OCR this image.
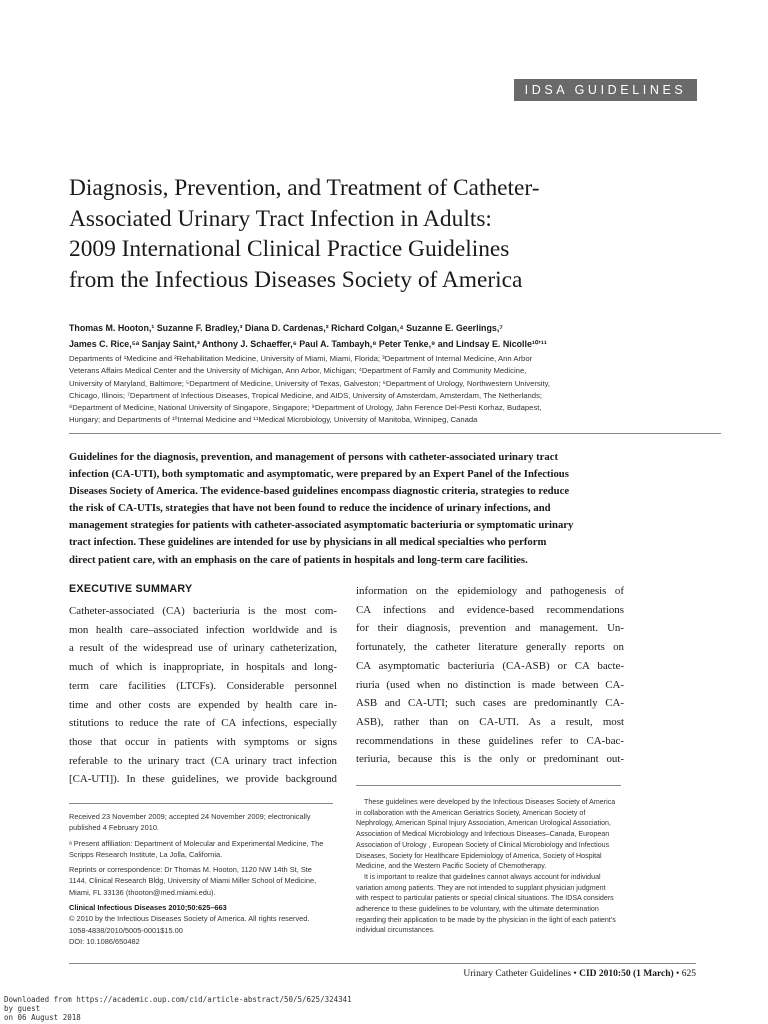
IDSA GUIDELINES
Diagnosis, Prevention, and Treatment of Catheter-
Associated Urinary Tract Infection in Adults:
2009 International Clinical Practice Guidelines
from the Infectious Diseases Society of America
Thomas M. Hooton,¹ Suzanne F. Bradley,³ Diana D. Cardenas,² Richard Colgan,⁴ Suzanne E. Geerlings,⁷
James C. Rice,⁵ᵃ Sanjay Saint,³ Anthony J. Schaeffer,⁶ Paul A. Tambayh,⁸ Peter Tenke,⁹ and Lindsay E. Nicolle¹⁰ʼ¹¹
Departments of ¹Medicine and ²Rehabilitation Medicine, University of Miami, Miami, Florida; ³Department of Internal Medicine, Ann Arbor
Veterans Affairs Medical Center and the University of Michigan, Ann Arbor, Michigan; ⁴Department of Family and Community Medicine,
University of Maryland, Baltimore; ⁵Department of Medicine, University of Texas, Galveston; ⁶Department of Urology, Northwestern University,
Chicago, Illinois; ⁷Department of Infectious Diseases, Tropical Medicine, and AIDS, University of Amsterdam, Amsterdam, The Netherlands;
⁸Department of Medicine, National University of Singapore, Singapore; ⁹Department of Urology, Jahn Ference Del-Pesti Korhaz, Budapest,
Hungary; and Departments of ¹⁰Internal Medicine and ¹¹Medical Microbiology, University of Manitoba, Winnipeg, Canada
Guidelines for the diagnosis, prevention, and management of persons with catheter-associated urinary tract
infection (CA-UTI), both symptomatic and asymptomatic, were prepared by an Expert Panel of the Infectious
Diseases Society of America. The evidence-based guidelines encompass diagnostic criteria, strategies to reduce
the risk of CA-UTIs, strategies that have not been found to reduce the incidence of urinary infections, and
management strategies for patients with catheter-associated asymptomatic bacteriuria or symptomatic urinary
tract infection. These guidelines are intended for use by physicians in all medical specialties who perform
direct patient care, with an emphasis on the care of patients in hospitals and long-term care facilities.
EXECUTIVE SUMMARY
Catheter-associated (CA) bacteriuria is the most com-
mon health care–associated infection worldwide and is
a result of the widespread use of urinary catheterization,
much of which is inappropriate, in hospitals and long-
term care facilities (LTCFs). Considerable personnel
time and other costs are expended by health care in-
stitutions to reduce the rate of CA infections, especially
those that occur in patients with symptoms or signs
referable to the urinary tract (CA urinary tract infection
[CA-UTI]). In these guidelines, we provide background
information on the epidemiology and pathogenesis of
CA infections and evidence-based recommendations
for their diagnosis, prevention and management. Un-
fortunately, the catheter literature generally reports on
CA asymptomatic bacteriuria (CA-ASB) or CA bacte-
riuria (used when no distinction is made between CA-
ASB and CA-UTI; such cases are predominantly CA-
ASB), rather than on CA-UTI. As a result, most
recommendations in these guidelines refer to CA-bac-
teriuria, because this is the only or predominant out-
Received 23 November 2009; accepted 24 November 2009; electronically
published 4 February 2010.
ᵃ Present affiliation: Department of Molecular and Experimental Medicine, The
Scripps Research Institute, La Jolla, California.
Reprints or correspondence: Dr Thomas M. Hooton, 1120 NW 14th St, Ste
1144, Clinical Research Bldg, University of Miami Miller School of Medicine,
Miami, FL 33136 (thooton@med.miami.edu).
Clinical Infectious Diseases 2010;50:625–663
© 2010 by the Infectious Diseases Society of America. All rights reserved.
1058-4838/2010/5005-0001$15.00
DOI: 10.1086/650482
These guidelines were developed by the Infectious Diseases Society of America
in collaboration with the American Geriatrics Society, American Society of
Nephrology, American Spinal Injury Association, American Urological Association,
Association of Medical Microbiology and Infectious Diseases–Canada, European
Association of Urology , European Society of Clinical Microbiology and Infectious
Diseases, Society for Healthcare Epidemiology of America, Society of Hospital
Medicine, and the Western Pacific Society of Chemotherapy.
It is important to realize that guidelines cannot always account for individual
variation among patients. They are not intended to supplant physician judgment
with respect to particular patients or special clinical situations. The IDSA considers
adherence to these guidelines to be voluntary, with the ultimate determination
regarding their application to be made by the physician in the light of each patient’s
individual circumstances.
Urinary Catheter Guidelines • CID 2010:50 (1 March) • 625
Downloaded from https://academic.oup.com/cid/article-abstract/50/5/625/324341
by guest
on 06 August 2018
